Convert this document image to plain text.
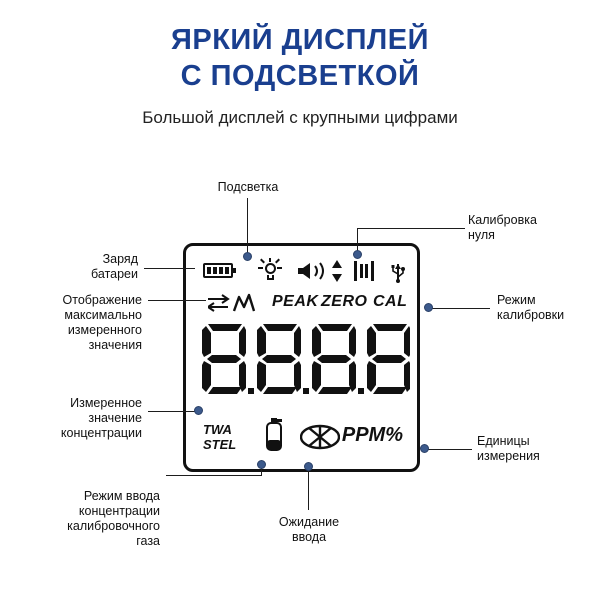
ЯРКИЙ ДИСПЛЕЙ
С ПОДСВЕТКОЙ
Большой дисплей с крупными цифрами
PEAK ZERO CAL
TWA
STEL	PPM%
Подсветка
Калибровка
нуля
Заряд
батареи
Режим
калибровки
Отображение
максимально
измеренного
значения
Измеренное
значение
концентрации
Единицы
измерения
Режим ввода
концентрации
калибровочного
газа
Ожидание
ввода
